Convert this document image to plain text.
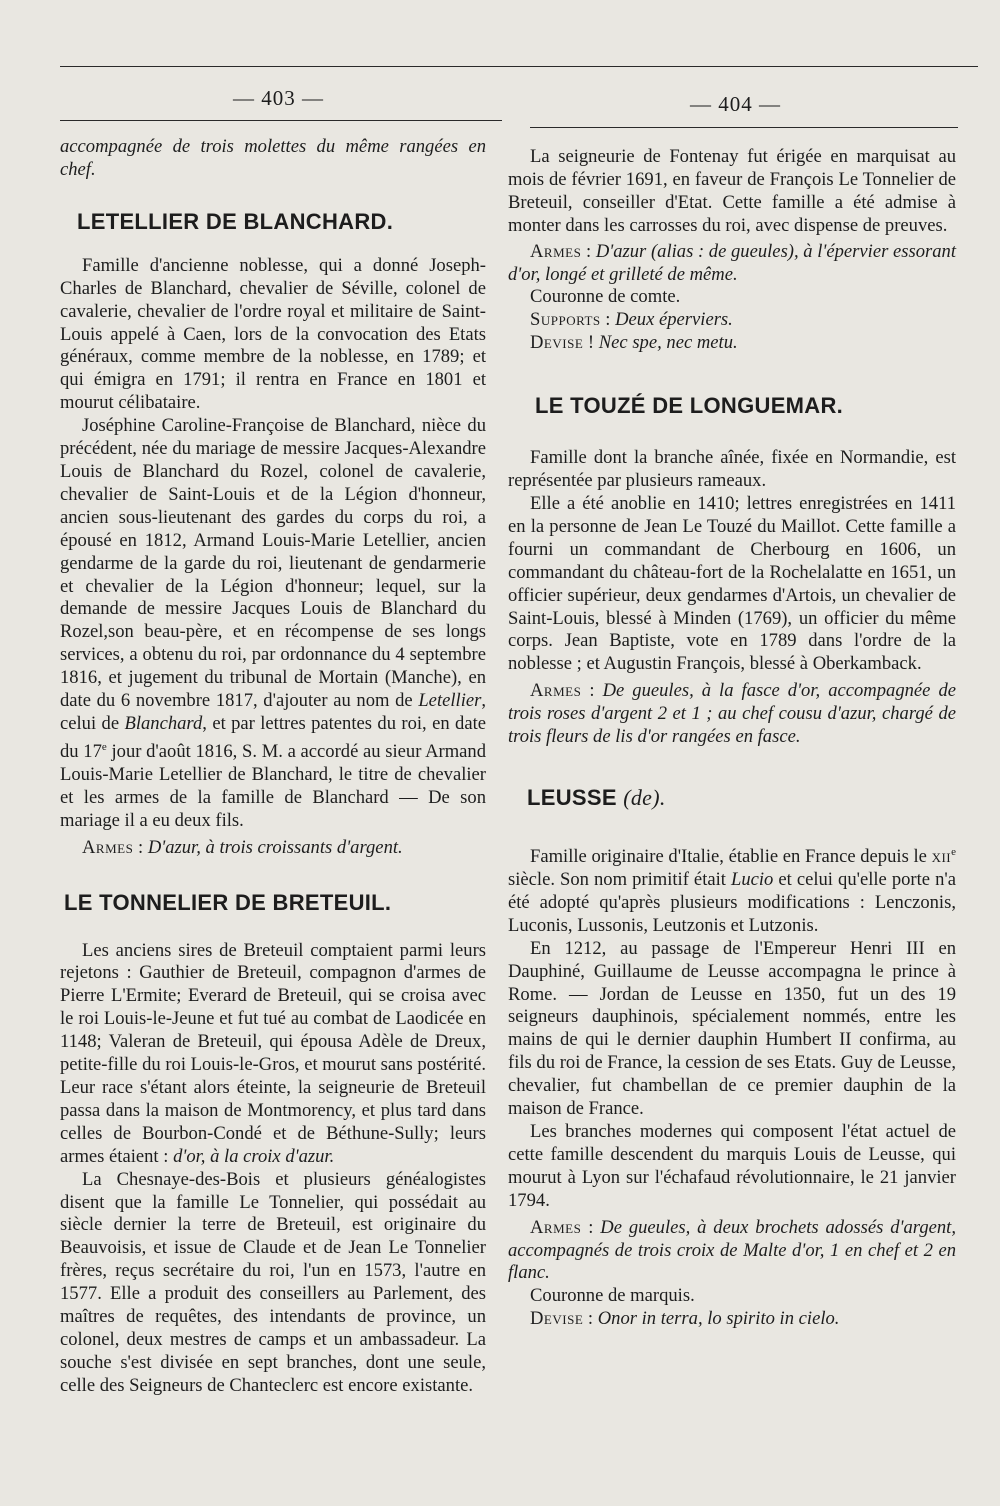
— 403 —	— 404 —

accompagnée de trois molettes du même rangées en chef.

LETELLIER DE BLANCHARD.

Famille d'ancienne noblesse, qui a donné Joseph-Charles de Blanchard, chevalier de Séville, colonel de cavalerie, chevalier de l'ordre royal et militaire de Saint-Louis appelé à Caen, lors de la convocation des Etats généraux, comme membre de la noblesse, en 1789; et qui émigra en 1791; il rentra en France en 1801 et mourut célibataire.

Joséphine Caroline-Françoise de Blanchard, nièce du précédent, née du mariage de messire Jacques-Alexandre Louis de Blanchard du Rozel, colonel de cavalerie, chevalier de Saint-Louis et de la Légion d'honneur, ancien sous-lieutenant des gardes du corps du roi, a épousé en 1812, Armand Louis-Marie Letellier, ancien gendarme de la garde du roi, lieutenant de gendarmerie et chevalier de la Légion d'honneur; lequel, sur la demande de messire Jacques Louis de Blanchard du Rozel,son beau-père, et en récompense de ses longs services, a obtenu du roi, par ordonnance du 4 septembre 1816, et jugement du tribunal de Mortain (Manche), en date du 6 novembre 1817, d'ajouter au nom de Letellier, celui de Blanchard, et par lettres patentes du roi, en date du 17e jour d'août 1816, S. M. a accordé au sieur Armand Louis-Marie Letellier de Blanchard, le titre de chevalier et les armes de la famille de Blanchard — De son mariage il a eu deux fils.

Armes : D'azur, à trois croissants d'argent.

LE TONNELIER DE BRETEUIL.

Les anciens sires de Breteuil comptaient parmi leurs rejetons : Gauthier de Breteuil, compagnon d'armes de Pierre L'Ermite; Everard de Breteuil, qui se croisa avec le roi Louis-le-Jeune et fut tué au combat de Laodicée en 1148; Valeran de Breteuil, qui épousa Adèle de Dreux, petite-fille du roi Louis-le-Gros, et mourut sans postérité. Leur race s'étant alors éteinte, la seigneurie de Breteuil passa dans la maison de Montmorency, et plus tard dans celles de Bourbon-Condé et de Béthune-Sully; leurs armes étaient : d'or, à la croix d'azur.

La Chesnaye-des-Bois et plusieurs généalogistes disent que la famille Le Tonnelier, qui possédait au siècle dernier la terre de Breteuil, est originaire du Beauvoisis, et issue de Claude et de Jean Le Tonnelier frères, reçus secrétaire du roi, l'un en 1573, l'autre en 1577. Elle a produit des conseillers au Parlement, des maîtres de requêtes, des intendants de province, un colonel, deux mestres de camps et un ambassadeur. La souche s'est divisée en sept branches, dont une seule, celle des Seigneurs de Chanteclerc est encore existante.

La seigneurie de Fontenay fut érigée en marquisat au mois de février 1691, en faveur de François Le Tonnelier de Breteuil, conseiller d'Etat. Cette famille a été admise à monter dans les carrosses du roi, avec dispense de preuves.

Armes : D'azur (alias : de gueules), à l'épervier essorant d'or, longé et grilleté de même.

Couronne de comte.

Supports : Deux éperviers.

Devise ! Nec spe, nec metu.

LE TOUZÉ DE LONGUEMAR.

Famille dont la branche aînée, fixée en Normandie, est représentée par plusieurs rameaux.

Elle a été anoblie en 1410; lettres enregistrées en 1411 en la personne de Jean Le Touzé du Maillot. Cette famille a fourni un commandant de Cherbourg en 1606, un commandant du château-fort de la Rochelalatte en 1651, un officier supérieur, deux gendarmes d'Artois, un chevalier de Saint-Louis, blessé à Minden (1769), un officier du même corps. Jean Baptiste, vote en 1789 dans l'ordre de la noblesse ; et Augustin François, blessé à Oberkamback.

Armes : De gueules, à la fasce d'or, accompagnée de trois roses d'argent 2 et 1 ; au chef cousu d'azur, chargé de trois fleurs de lis d'or rangées en fasce.

LEUSSE (de).

Famille originaire d'Italie, établie en France depuis le xii$^e$ siècle. Son nom primitif était Lucio et celui qu'elle porte n'a été adopté qu'après plusieurs modifications : Lenczonis, Luconis, Lussonis, Leutzonis et Lutzonis.

En 1212, au passage de l'Empereur Henri III en Dauphiné, Guillaume de Leusse accompagna le prince à Rome. — Jordan de Leusse en 1350, fut un des 19 seigneurs dauphinois, spécialement nommés, entre les mains de qui le dernier dauphin Humbert II confirma, au fils du roi de France, la cession de ses Etats. Guy de Leusse, chevalier, fut chambellan de ce premier dauphin de la maison de France.

Les branches modernes qui composent l'état actuel de cette famille descendent du marquis Louis de Leusse, qui mourut à Lyon sur l'échafaud révolutionnaire, le 21 janvier 1794.

Armes : De gueules, à deux brochets adossés d'argent, accompagnés de trois croix de Malte d'or, 1 en chef et 2 en flanc.

Couronne de marquis.

Devise : Onor in terra, lo spirito in cielo.
